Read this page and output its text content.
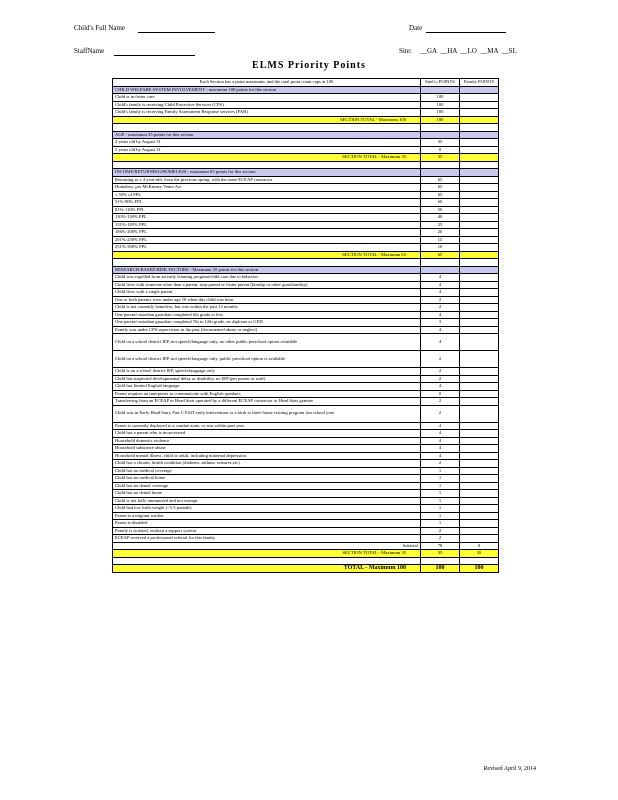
Child's Full Name	Date
StaffName	Site: __GA  __HA  __LO  __MA  __SL
ELMS Priority Points
Each Section has a point maximum, and the total point count caps at 100	SiteCo POINTS	Family POINTS
CHILD WELFARE SYSTEM INVOLVEMENT - maximum 100 points for this section		
Child is in foster care	100	
Child's family is receiving Child Protective Services (CPS)	100	
Child's family is receiving Family Assessment Response services (FAR)	100	
SECTION TOTAL - Maximum 100	100	

AGE - maximum 35 points for this section		
4 years old by August 31	35	
3 years old by August 31	0	
SECTION TOTAL - Maximum 35	35	

INCOME/RETURNING/HOMELESS - maximum 65 points for this section		
Returning as a 4-year-old, from the previous spring, with the same ECEAP contractor	65	
Homeless, per McKinney Vento Act	65	
≤ 50% of FPL	65	
51%-80% FPL	60	
81%-110% FPL	50	
110%-130% FPL	40	
131%-185% FPL	25	
186%-200% FPL	20	
201%-250% FPL	15	
251%-300% FPL	10	
SECTION TOTAL - Maximum 65	65	

RESEARCH-BASED RISK FACTORS - Maximum 35 points for this section		
Child was expelled from an early learning program/child care due to behavior	4	
Child lives with someone other than a parent, step-parent or foster parent (kinship or other guardianship)	4	
Child lives with a single parent	4	
One or both parents were under age 18 when this child was born	2	
Child is not currently homeless, but was within the past 12 months	2	
One parent/custodian guardian completed 6th grade or less	4	
One parent/custodian guardian completed 7th to 12th grade, no diploma or GED	3	
Family was under CPS supervision in the past (documented abuse or neglect)	4	
Child on a school district IEP, not speech/language only, no other public preschool option available	4	
Child on a school district IEP, not speech/language only, public preschool option is available	2	
Child is on a school district IEP, speech/language only	2	
Child has suspected developmental delay or disability, no IEP (per parent or staff)	2	
Child has limited English language	4	
Parent requires an interpreter to communicate with English speakers	0	
Transferring from an ECEAP or Head Start operated by a different ECEAP contractor or Head Start grantee	2	
Child was in Early Head Start, Part C ESIT early intervention or a birth to three home visiting program last school year	2	
Parent is currently deployed to a combat zone, or was within past year	4	
Child has a parent who is incarcerated	4	
Household domestic violence	4	
Household substance abuse	4	
Household mental illness, child or adult, including maternal depression	4	
Child has a chronic health condition (diabetes, asthma, seizures,etc)	2	
Child has no medical coverage	1	
Child has no medical home	1	
Child has no dental coverage	1	
Child has no dental home	1	
Child is not fully immunized and not exempt	1	
Child had low birth weight (<5.5 pounds)	1	
Parent is a migrant worker	1	
Parent is disabled	1	
Family is isolated, without a support system	2	
ECEAP received a professional referral for this family.	2	
Subtotal	78	0
SECTION TOTAL - Maximum 35	35	35

TOTAL - Maximum 100	100	100
Revised April 9, 2014
